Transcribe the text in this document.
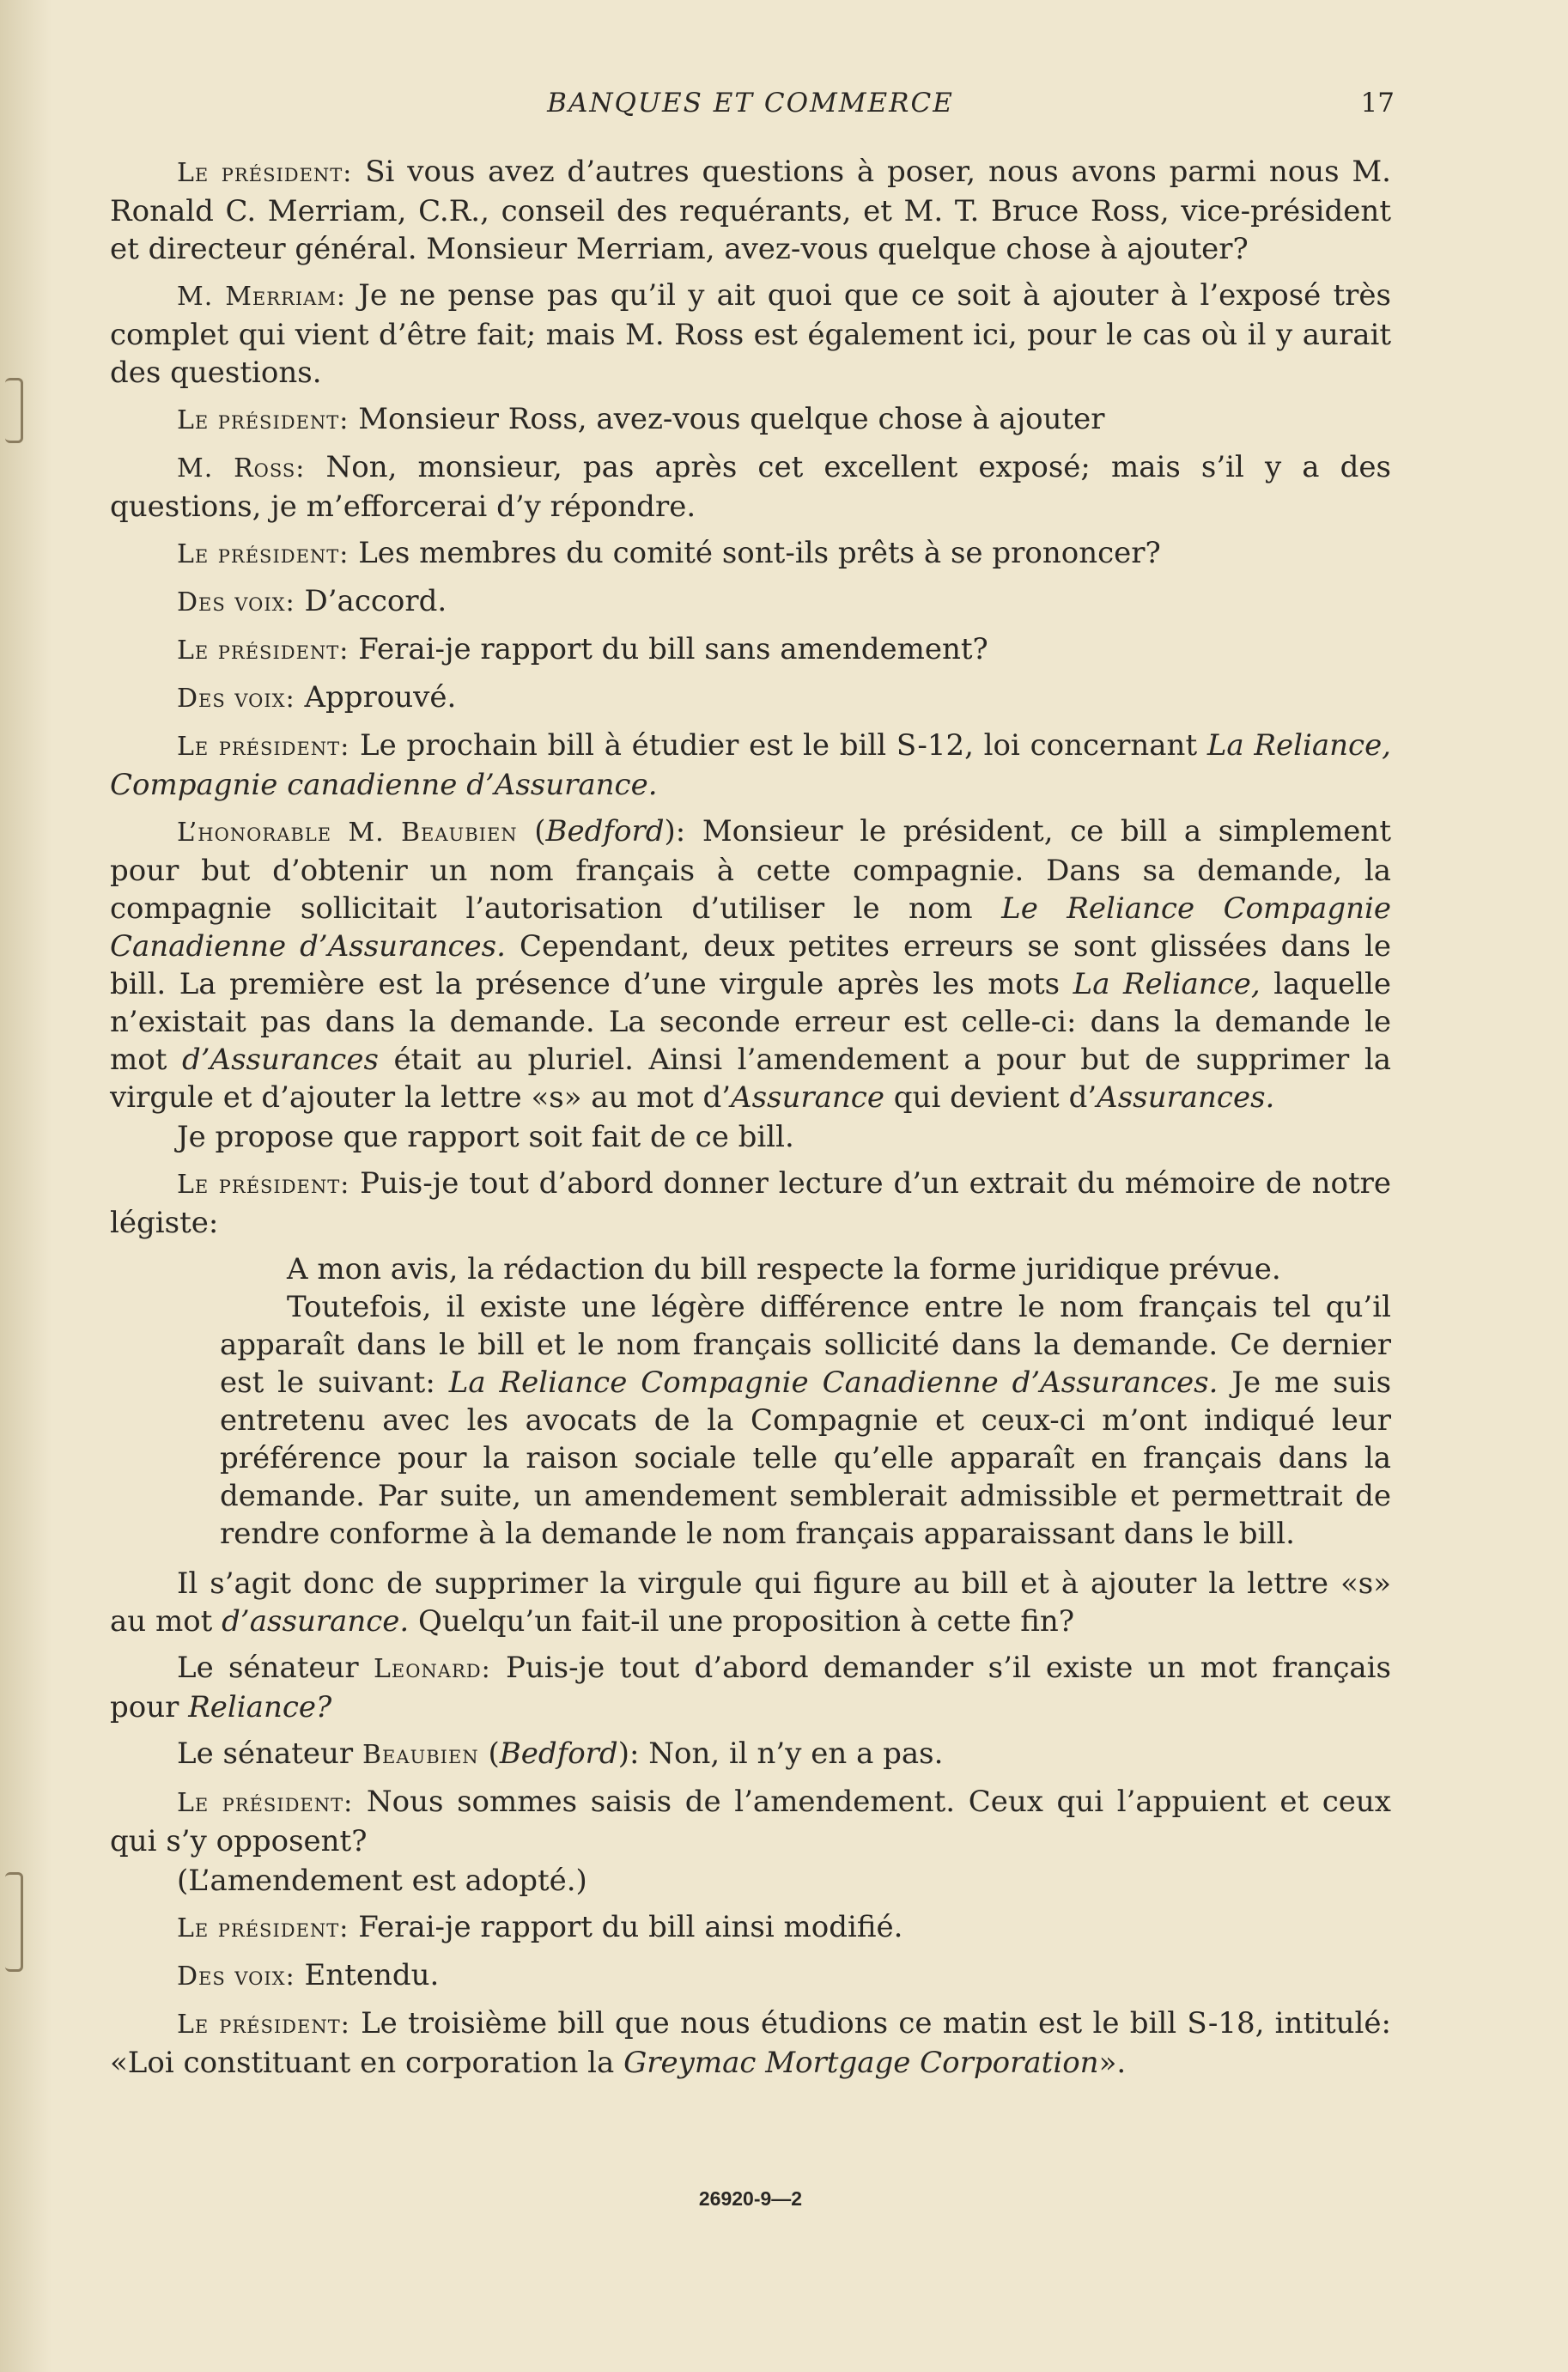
BANQUES ET COMMERCE	17

Le président: Si vous avez d’autres questions à poser, nous avons parmi nous M. Ronald C. Merriam, C.R., conseil des requérants, et M. T. Bruce Ross, vice-président et directeur général. Monsieur Merriam, avez-vous quelque chose à ajouter?

M. Merriam: Je ne pense pas qu’il y ait quoi que ce soit à ajouter à l’exposé très complet qui vient d’être fait; mais M. Ross est également ici, pour le cas où il y aurait des questions.

Le président: Monsieur Ross, avez-vous quelque chose à ajouter

M. Ross: Non, monsieur, pas après cet excellent exposé; mais s’il y a des questions, je m’efforcerai d’y répondre.

Le président: Les membres du comité sont-ils prêts à se prononcer?

Des voix: D’accord.

Le président: Ferai-je rapport du bill sans amendement?

Des voix: Approuvé.

Le président: Le prochain bill à étudier est le bill S-12, loi concernant La Reliance, Compagnie canadienne d’Assurance.

L’honorable M. Beaubien (Bedford): Monsieur le président, ce bill a simplement pour but d’obtenir un nom français à cette compagnie. Dans sa demande, la compagnie sollicitait l’autorisation d’utiliser le nom Le Reliance Compagnie Canadienne d’Assurances. Cependant, deux petites erreurs se sont glissées dans le bill. La première est la présence d’une virgule après les mots La Reliance, laquelle n’existait pas dans la demande. La seconde erreur est celle-ci: dans la demande le mot d’Assurances était au pluriel. Ainsi l’amendement a pour but de supprimer la virgule et d’ajouter la lettre «s» au mot d’Assurance qui devient d’Assurances.

Je propose que rapport soit fait de ce bill.

Le président: Puis-je tout d’abord donner lecture d’un extrait du mémoire de notre légiste:

A mon avis, la rédaction du bill respecte la forme juridique prévue.

Toutefois, il existe une légère différence entre le nom français tel qu’il apparaît dans le bill et le nom français sollicité dans la demande. Ce dernier est le suivant: La Reliance Compagnie Canadienne d’Assurances. Je me suis entretenu avec les avocats de la Compagnie et ceux-ci m’ont indiqué leur préférence pour la raison sociale telle qu’elle apparaît en français dans la demande. Par suite, un amendement semblerait admissible et permettrait de rendre conforme à la demande le nom français apparaissant dans le bill.

Il s’agit donc de supprimer la virgule qui figure au bill et à ajouter la lettre «s» au mot d’assurance. Quelqu’un fait-il une proposition à cette fin?

Le sénateur Leonard: Puis-je tout d’abord demander s’il existe un mot français pour Reliance?

Le sénateur Beaubien (Bedford): Non, il n’y en a pas.

Le président: Nous sommes saisis de l’amendement. Ceux qui l’appuient et ceux qui s’y opposent?

(L’amendement est adopté.)

Le président: Ferai-je rapport du bill ainsi modifié.

Des voix: Entendu.

Le président: Le troisième bill que nous étudions ce matin est le bill S-18, intitulé: «Loi constituant en corporation la Greymac Mortgage Corporation».

26920-9—2
